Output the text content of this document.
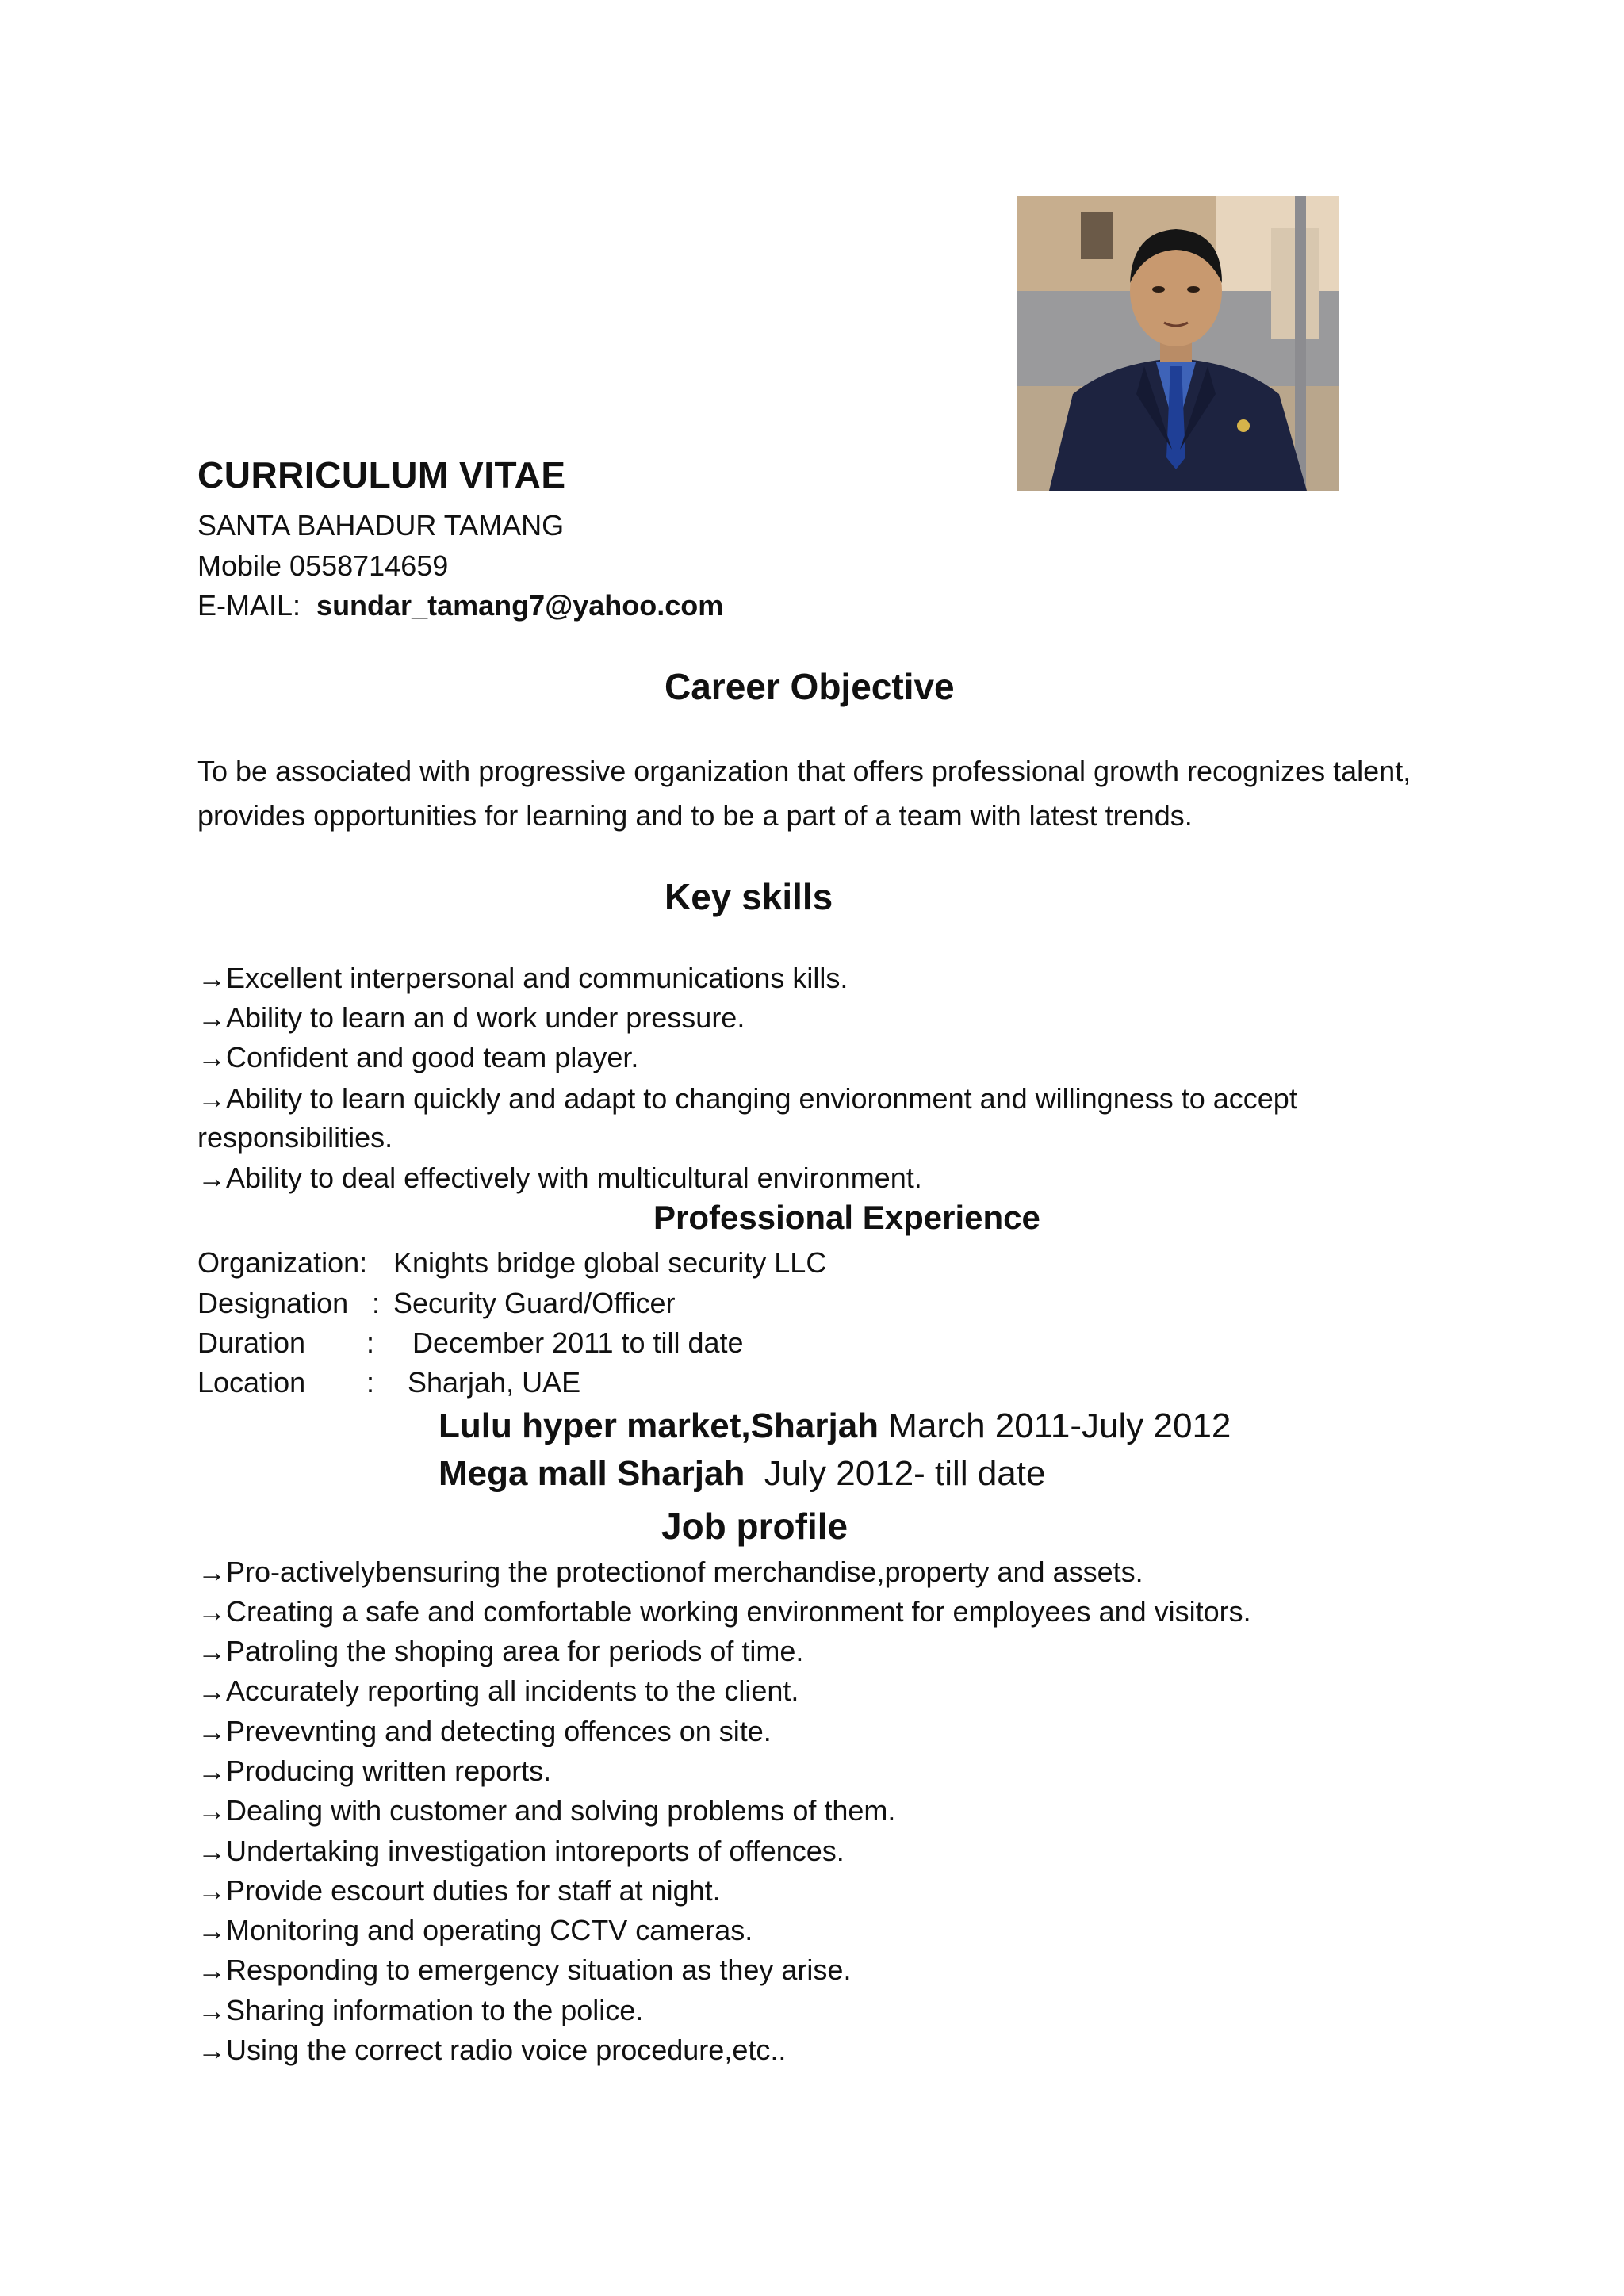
CURRICULUM VITAE
SANTA BAHADUR TAMANG
Mobile 0558714659
E-MAIL: sundar_tamang7@yahoo.com
Career Objective
To be associated with progressive organization that offers professional growth recognizes talent, provides opportunities for learning and to be a part of a team with latest trends.
Key skills
→Excellent interpersonal and communications kills.
→Ability to learn an d work under pressure.
→Confident and good team player.
→Ability to learn quickly and adapt to changing envioronment and willingness to accept
responsibilities.
→Ability to deal effectively with multicultural environment.
Professional Experience
Organization: Knights bridge global security LLC
Designation : Security Guard/Officer
Duration : December 2011 to till date
Location : Sharjah, UAE
Lulu hyper market,Sharjah March 2011-July 2012
Mega mall Sharjah  July 2012- till date
Job profile
→Pro-activelybensuring the protectionof merchandise,property and assets.
→Creating a safe and comfortable working environment for employees and visitors.
→Patroling the shoping area for periods of time.
→Accurately reporting all incidents to the client.
→Prevevnting and detecting offences on site.
→Producing written reports.
→Dealing with customer and solving problems of them.
→Undertaking investigation intoreports of offences.
→Provide escourt duties for staff at night.
→Monitoring and operating CCTV cameras.
→Responding to emergency situation as they arise.
→Sharing information to the police.
→Using the correct radio voice procedure,etc..
